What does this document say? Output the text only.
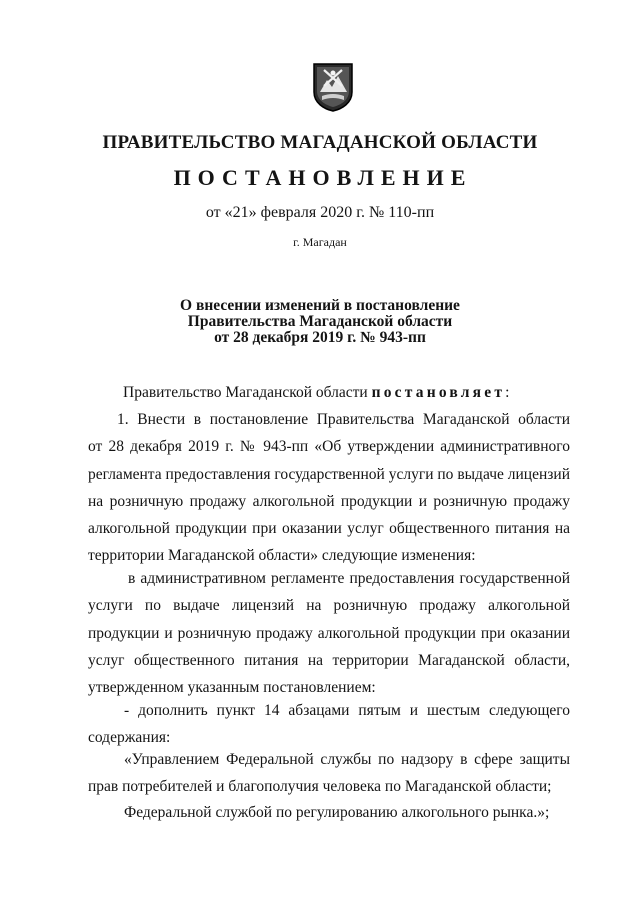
ПРАВИТЕЛЬСТВО МАГАДАНСКОЙ ОБЛАСТИ
ПОСТАНОВЛЕНИЕ
от «21» февраля 2020 г. № 110-пп
г. Магадан
О внесении изменений в постановление
Правительства Магаданской области
от 28 декабря 2019 г. № 943-пп
Правительство Магаданской области постановляет:
1. Внести в постановление Правительства Магаданской области
от 28 декабря 2019 г. № 943-пп «Об утверждении административного
регламента предоставления государственной услуги по выдаче лицензий
на розничную продажу алкогольной продукции и розничную продажу
алкогольной продукции при оказании услуг общественного питания на
территории Магаданской области» следующие изменения:
в административном регламенте предоставления государственной
услуги по выдаче лицензий на розничную продажу алкогольной
продукции и розничную продажу алкогольной продукции при оказании
услуг общественного питания на территории Магаданской области,
утвержденном указанным постановлением:
- дополнить пункт 14 абзацами пятым и шестым следующего
содержания:
«Управлением Федеральной службы по надзору в сфере защиты
прав потребителей и благополучия человека по Магаданской области;
Федеральной службой по регулированию алкогольного рынка.»;
